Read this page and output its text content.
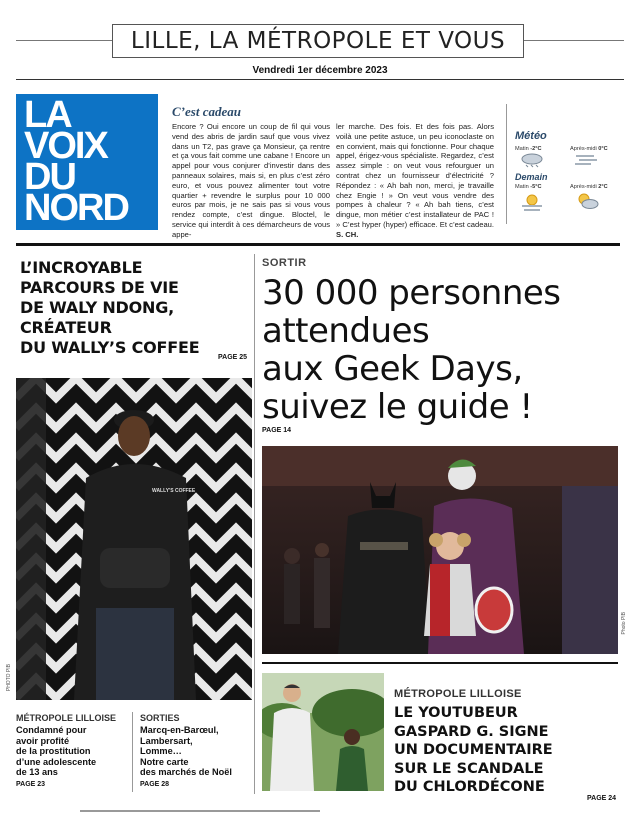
LILLE, LA MÉTROPOLE ET VOUS
Vendredi 1er décembre 2023
LA
VOIX
DU
NORD
C’est cadeau
Encore ? Oui encore un coup de fil qui vous vend des abris de jardin sauf que vous vivez dans un T2, pas grave ça Monsieur, ça rentre et ça vous fait comme une cabane ! Encore un appel pour vous conjurer d’investir dans des panneaux solaires, mais si, en plus c’est zéro euro, et vous pouvez alimenter tout votre quartier + revendre le surplus pour 10 000 euros par mois, je ne sais pas si vous vous rendez compte, c’est dingue. Bloctel, le service qui interdit à ces démarcheurs de vous appe-
ler marche. Des fois. Et des fois pas. Alors voilà une petite astuce, un peu iconoclaste on en convient, mais qui fonctionne. Pour chaque appel, érigez-vous spécialiste. Regardez, c’est assez simple : on veut vous refourguer un contrat chez un fournisseur d’électricité ? Répondez : « Ah bah non, merci, je travaille chez Engie ! » On veut vous vendre des pompes à chaleur ? « Ah bah tiens, c’est dingue, mon métier c’est installateur de PAC ! » C’est hyper (hyper) efficace. Et c’est cadeau. S. CH.
Météo
Matin -2°C	Après-midi 0°C
Demain
Matin -5°C	Après-midi 2°C
L’INCROYABLE
PARCOURS DE VIE
DE WALY NDONG,
CRÉATEUR
DU WALLY’S COFFEE
PAGE 25
WALLY'S COFFEE
PHOTO PIB
SORTIR
30 000 personnes
attendues
aux Geek Days,
suivez le guide !
PAGE 14
Photo PIB
MÉTROPOLE LILLOISE
LE YOUTUBEUR
GASPARD G. SIGNE
UN DOCUMENTAIRE
SUR LE SCANDALE
DU CHLORDÉCONE
PAGE 24
MÉTROPOLE LILLOISE
Condamné pour
avoir profité
de la prostitution
d’une adolescente
de 13 ans
PAGE 23
SORTIES
Marcq-en-Barœul,
Lambersart,
Lomme…
Notre carte
des marchés de Noël
PAGE 28
